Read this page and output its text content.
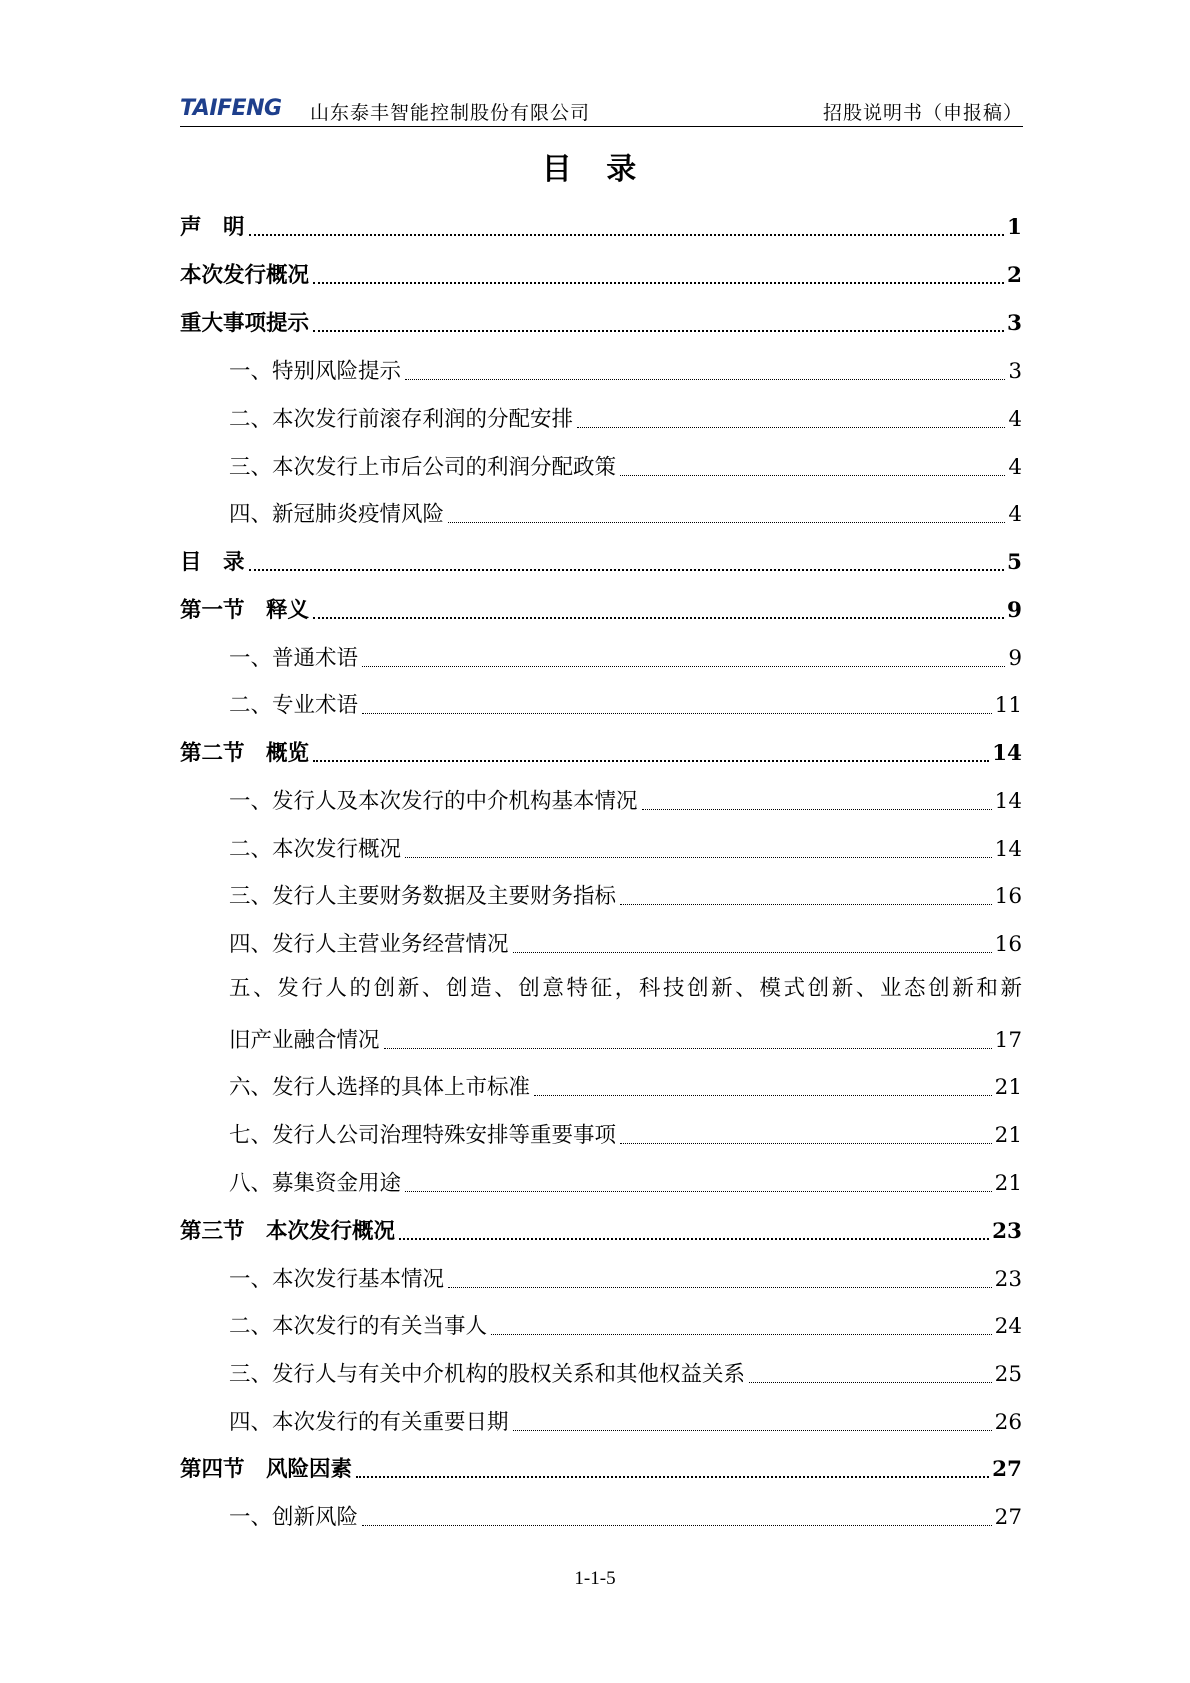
TAIFENG 山东泰丰智能控制股份有限公司	招股说明书（申报稿）
目 录
声　明	1
本次发行概况	2
重大事项提示	3
一、特别风险提示	3
二、本次发行前滚存利润的分配安排	4
三、本次发行上市后公司的利润分配政策	4
四、新冠肺炎疫情风险	4
目　录	5
第一节　释义	9
一、普通术语	9
二、专业术语	11
第二节　概览	14
一、发行人及本次发行的中介机构基本情况	14
二、本次发行概况	14
三、发行人主要财务数据及主要财务指标	16
四、发行人主营业务经营情况	16
五、发行人的创新、创造、创意特征，科技创新、模式创新、业态创新和新
旧产业融合情况	17
六、发行人选择的具体上市标准	21
七、发行人公司治理特殊安排等重要事项	21
八、募集资金用途	21
第三节　本次发行概况	23
一、本次发行基本情况	23
二、本次发行的有关当事人	24
三、发行人与有关中介机构的股权关系和其他权益关系	25
四、本次发行的有关重要日期	26
第四节　风险因素	27
一、创新风险	27
1-1-5
